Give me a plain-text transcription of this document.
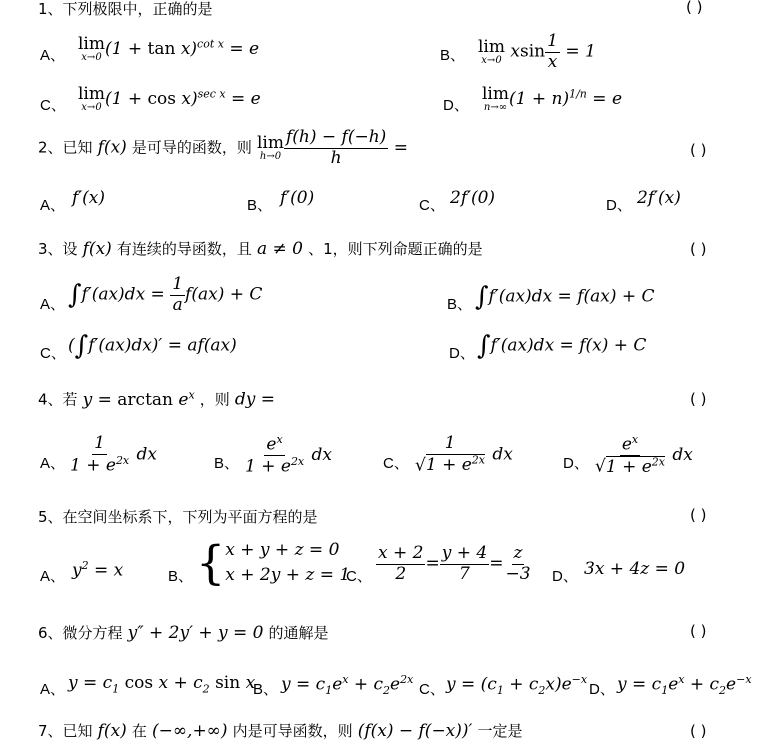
1、下列极限中，正确的是	( )
A、
lim
x→0 $(1 + \tan x)^{cot x} = e$	B、 lim
x→0 xsin $\frac{1}{x} = 1$
C、
lim
x→0 $(1 + \cos x)^{sec x} = e$	D、
lim
n→∞ $(1 + n)^{1/n} = e$
2、已知 f(x) 是可导的函数，则 lim
$h\to 0 \frac{f(h) - f(-h)}{h}$ =	( )
A、 f′(x)	B、 f′(0)	C、 2f′(0)	D、 2f′(x)
3、设 f(x) 有连续的导函数，且 a ≠ 0 、1，则下列命题正确的是	( )
A、 $\int f'(ax)dx = \frac{1}{a} f(ax) + C$	B、 ∫f′(ax)dx = f(ax) + C
C、 (∫f′(ax)dx)′ = af(ax)	D、 ∫f′(ax)dx = f(x) + C
4、若 $y = \arctan e^x$ ，则 dy =	( )
A、 $\frac{1}{1 + e^{2x}}$ dx	B、 $\frac{e^x}{1 + e^{2x}}$ dx	C、 $\frac{1}{√1 + e^{2x}}$ dx	D、 $\frac{e^x}{√1 + e^{2x}}$ dx
5、在空间坐标系下，下列为平面方程的是	( )
A、 $y^2 = x$	B、 { x + y + z = 0
x + 2y + z = 1
C、 $\frac{x + 2}{2} = \frac{y + 4}{7} = \frac{z}{-3}$ D、 3x + 4z = 0
6、微分方程 y″ + 2y′ + y = 0 的通解是	( )
A、 $y = c_1$ $\cos x + c_2$ sin x
B、 $y = c_1e^x + c_2e^{2x}$
C、 $y = (c_1 + c_2x)e^{-x}$
D、 $y = c_1e^x + c_2e^{-x}$
7、已知 f(x) 在 (−∞,+∞) 内是可导函数，则 (f(x) − f(−x))′ 一定是	( )
